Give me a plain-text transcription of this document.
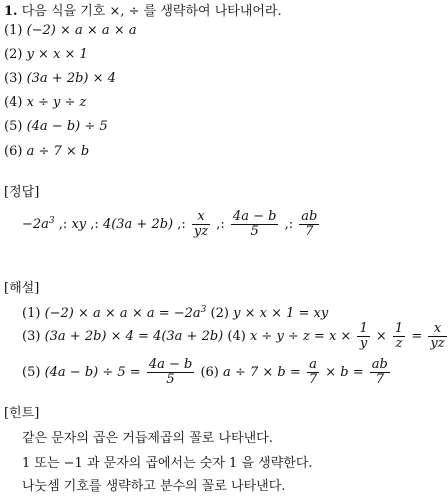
1. 다음 식을 기호 ×, ÷ 를 생략하여 나타내어라.
(1) (−2) × a × a × a
(2) y × x × 1
(3) (3a + 2b) × 4
(4) x ÷ y ÷ z
(5) (4a − b) ÷ 5
(6) a ÷ 7 × b
[정답]
$-2a^3$ ,: xy ,: 4(3a + 2b) ,: $\frac{x}{yz}$ ,: $\frac{4a - b}{5}$ ,: $\frac{ab}{7}$
[해설]
(1) $(-2) \times a \times a \times a = -2a^3$ (2) y × x × 1 = xy
(3) (3a + 2b) × 4 = 4(3a + 2b) (4) $x \div y \div z = x \times \frac{1}{y} \times \frac{1}{z} = \frac{x}{yz}$
(5) $(4a - b) \div 5 = \frac{4a - b}{5} (6) a \div 7 \times b = \frac{a}{7} \times b = \frac{ab}{7}$
[힌트]
같은 문자의 곱은 거듭제곱의 꼴로 나타낸다.
1 또는 −1 과 문자의 곱에서는 숫자 1 을 생략한다.
나눗셈 기호를 생략하고 분수의 꼴로 나타낸다.
